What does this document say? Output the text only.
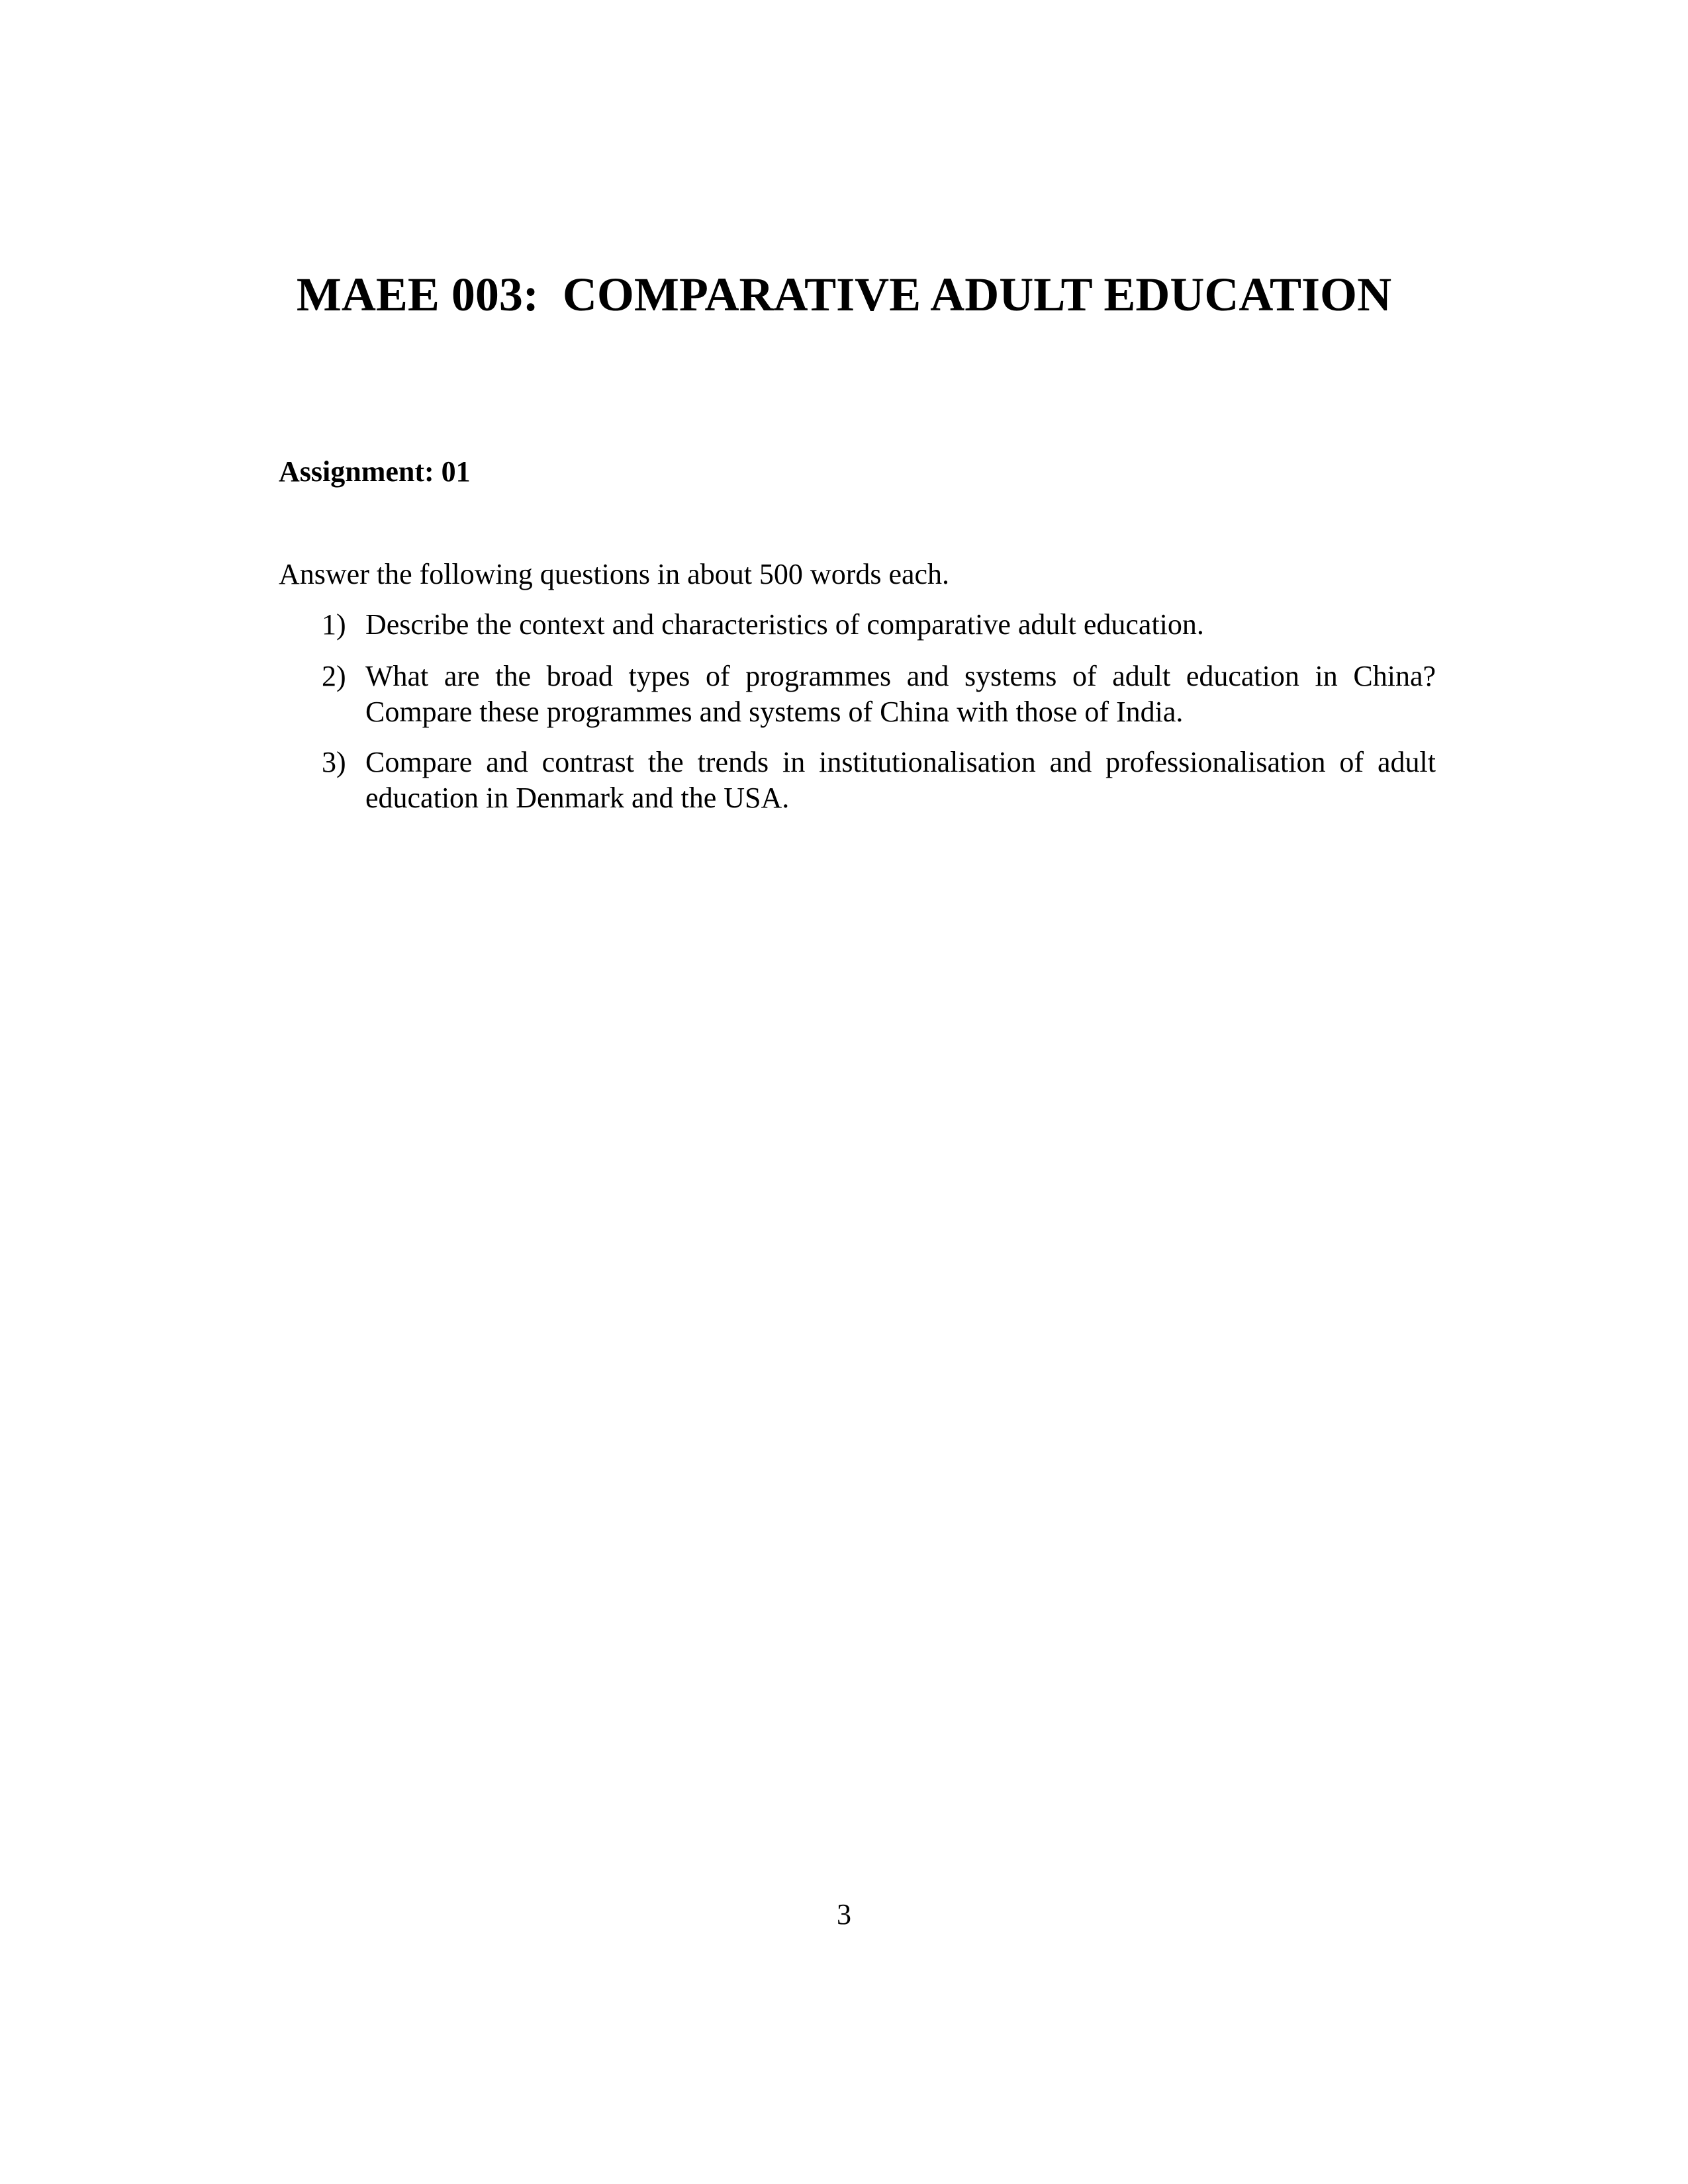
MAEE 003:  COMPARATIVE ADULT EDUCATION
Assignment: 01
Answer the following questions in about 500 words each.
1) Describe the context and characteristics of comparative adult education.
2) What are the broad types of programmes and systems of adult education in China? Compare these programmes and systems of China with those of India.
3) Compare and contrast the trends in institutionalisation and professionalisation of adult education in Denmark and the USA.
3
